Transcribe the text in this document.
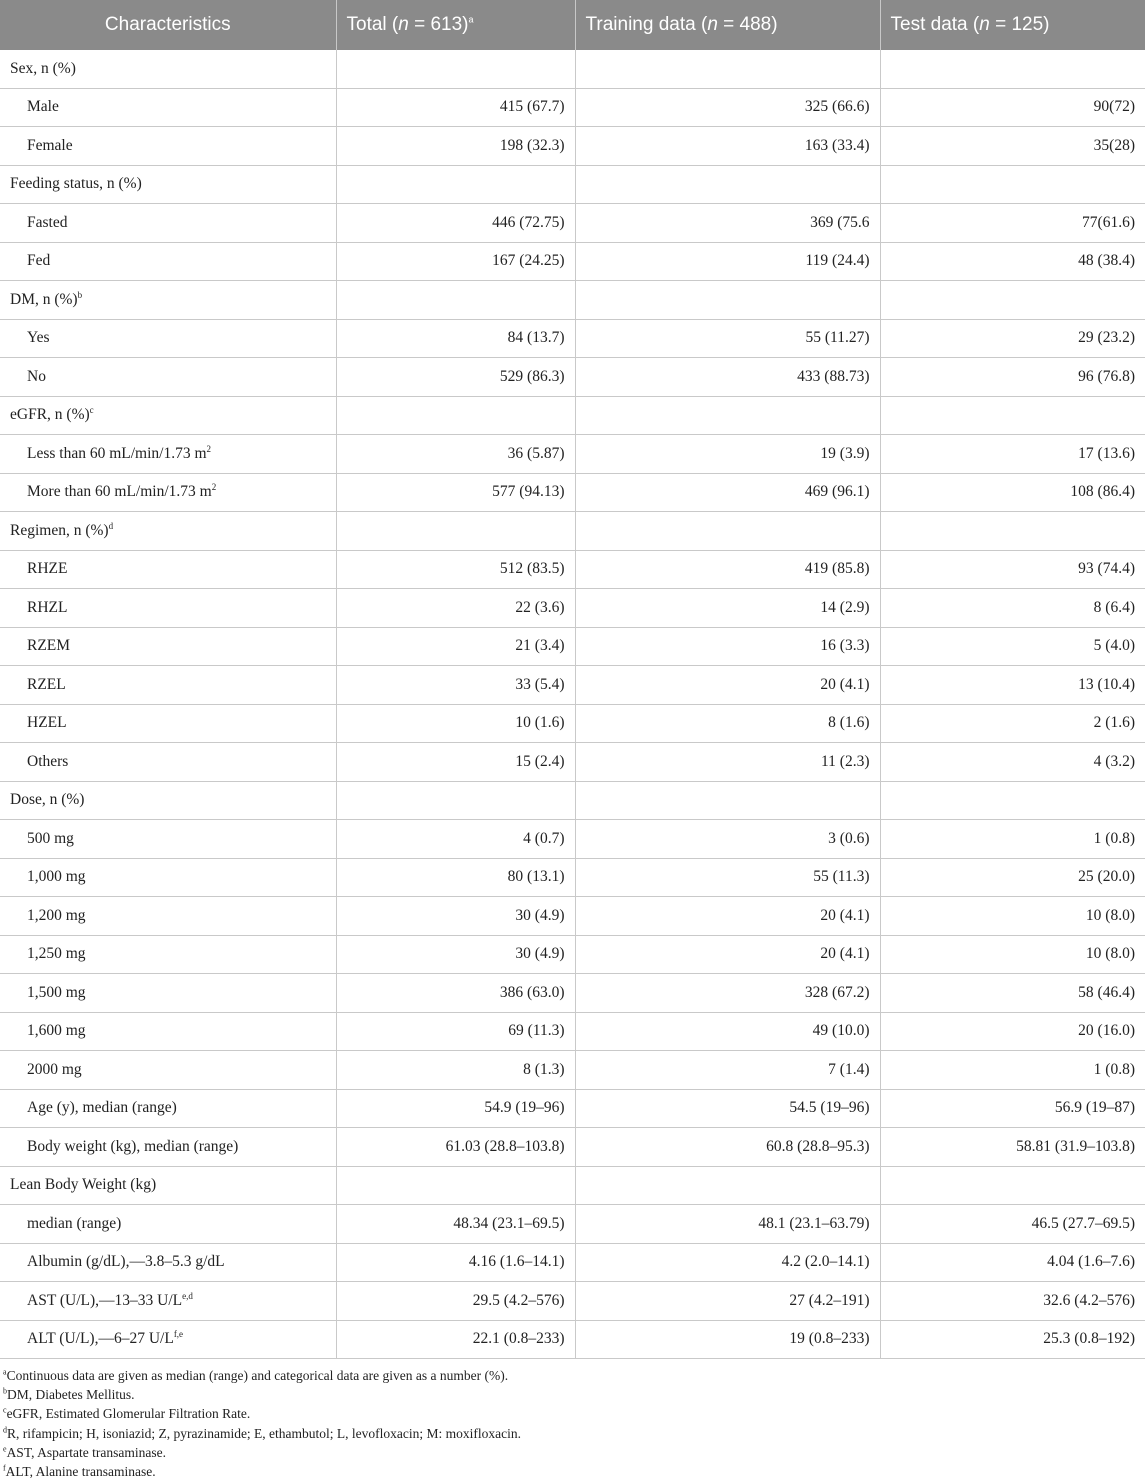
Characteristics	Total (n = 613)$^a$	Training data (n = 488)	Test data (n = 125)
Sex, n (%)			
Male	415 (67.7)	325 (66.6)	90(72)
Female	198 (32.3)	163 (33.4)	35(28)
Feeding status, n (%)			
Fasted	446 (72.75)	369 (75.6	77(61.6)
Fed	167 (24.25)	119 (24.4)	48 (38.4)
DM, n (%)$^b$			
Yes	84 (13.7)	55 (11.27)	29 (23.2)
No	529 (86.3)	433 (88.73)	96 (76.8)
eGFR, n (%)$^c$			
Less than 60 mL/min/1.73 $m^2$	36 (5.87)	19 (3.9)	17 (13.6)
More than 60 mL/min/1.73 $m^2$	577 (94.13)	469 (96.1)	108 (86.4)
Regimen, n (%)$^d$			
RHZE	512 (83.5)	419 (85.8)	93 (74.4)
RHZL	22 (3.6)	14 (2.9)	8 (6.4)
RZEM	21 (3.4)	16 (3.3)	5 (4.0)
RZEL	33 (5.4)	20 (4.1)	13 (10.4)
HZEL	10 (1.6)	8 (1.6)	2 (1.6)
Others	15 (2.4)	11 (2.3)	4 (3.2)
Dose, n (%)			
500 mg	4 (0.7)	3 (0.6)	1 (0.8)
1,000 mg	80 (13.1)	55 (11.3)	25 (20.0)
1,200 mg	30 (4.9)	20 (4.1)	10 (8.0)
1,250 mg	30 (4.9)	20 (4.1)	10 (8.0)
1,500 mg	386 (63.0)	328 (67.2)	58 (46.4)
1,600 mg	69 (11.3)	49 (10.0)	20 (16.0)
2000 mg	8 (1.3)	7 (1.4)	1 (0.8)
Age (y), median (range)	54.9 (19–96)	54.5 (19–96)	56.9 (19–87)
Body weight (kg), median (range)	61.03 (28.8–103.8)	60.8 (28.8–95.3)	58.81 (31.9–103.8)
Lean Body Weight (kg)			
median (range)	48.34 (23.1–69.5)	48.1 (23.1–63.79)	46.5 (27.7–69.5)
Albumin (g/dL),—3.8–5.3 g/dL	4.16 (1.6–14.1)	4.2 (2.0–14.1)	4.04 (1.6–7.6)
AST (U/L),—13–33 $U/L^{e,d}$	29.5 (4.2–576)	27 (4.2–191)	32.6 (4.2–576)
ALT (U/L),—6–27 $U/L^{f,e}$	22.1 (0.8–233)	19 (0.8–233)	25.3 (0.8–192)
$^a$Continuous data are given as median (range) and categorical data are given as a number (%).
$^b$DM, Diabetes Mellitus.
$^c$eGFR, Estimated Glomerular Filtration Rate.
$^d$R, rifampicin; H, isoniazid; Z, pyrazinamide; E, ethambutol; L, levofloxacin; M: moxifloxacin.
$^e$AST, Aspartate transaminase.
$^f$ALT, Alanine transaminase.
